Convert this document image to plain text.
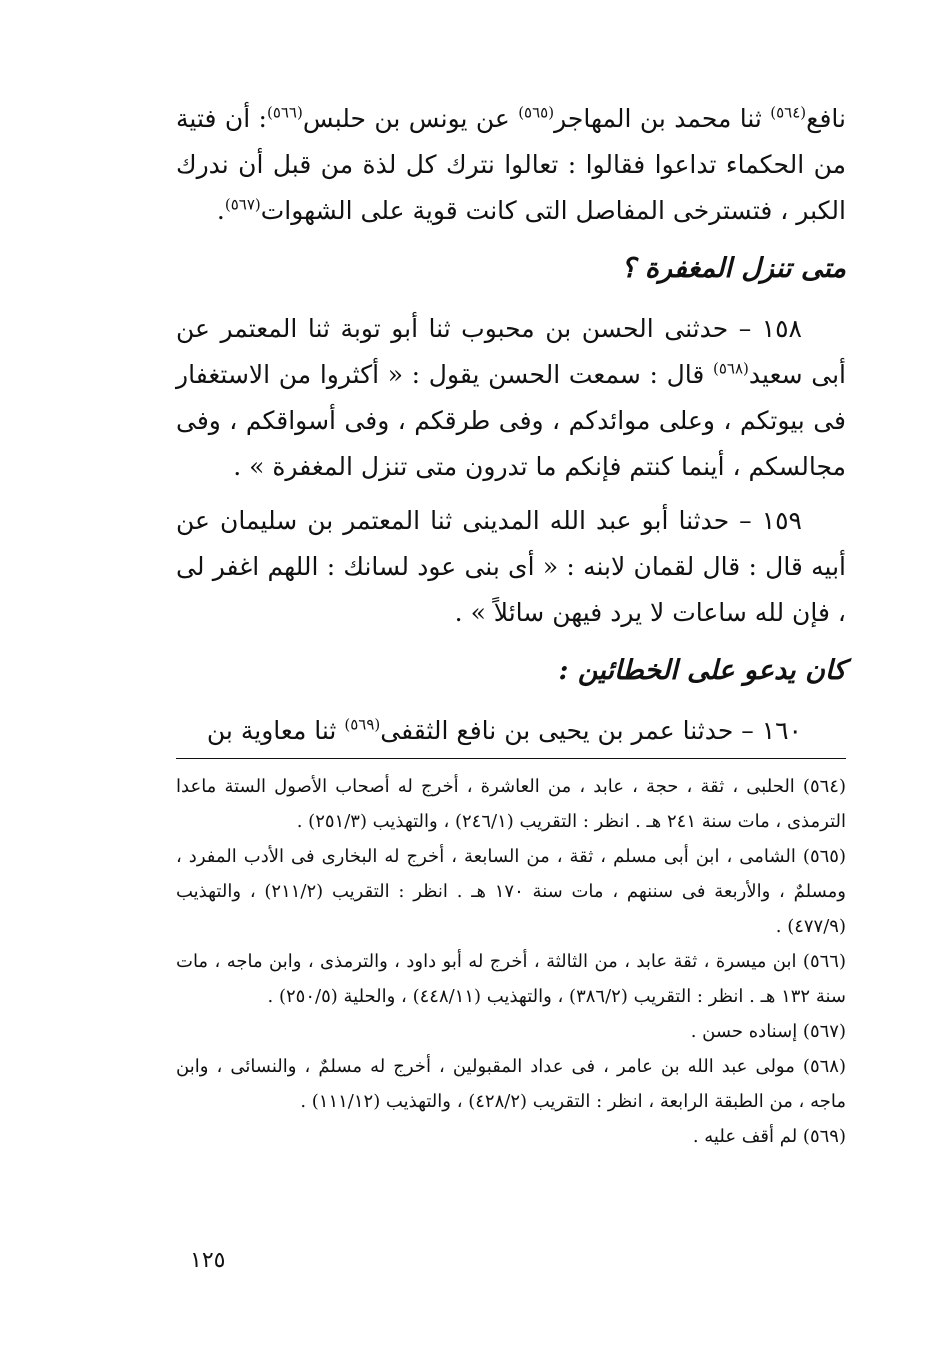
نافع$^{(٥٦٤)}$ ثنا محمد بن المهاجر$^{(٥٦٥)}$ عن يونس بن حلبس$^{(٥٦٦)}$: أن فتية من الحكماء تداعوا فقالوا : تعالوا نترك كل لذة من قبل أن ندرك الكبر ، فتسترخى المفاصل التى كانت قوية على الشهوات$^{(٥٦٧)}$.

متى تنزل المغفرة ؟

١٥٨ – حدثنى الحسن بن محبوب ثنا أبو توبة ثنا المعتمر عن أبى سعيد$^{(٥٦٨)}$ قال : سمعت الحسن يقول : « أكثروا من الاستغفار فى بيوتكم ، وعلى موائدكم ، وفى طرقكم ، وفى أسواقكم ، وفى مجالسكم ، أينما كنتم فإنكم ما تدرون متى تنزل المغفرة » .

١٥٩ – حدثنا أبو عبد الله المدينى ثنا المعتمر بن سليمان عن أبيه قال : قال لقمان لابنه : « أى بنى عود لسانك : اللهم اغفر لى ، فإن لله ساعات لا يرد فيهن سائلاً » .

كان يدعو على الخطائين :

١٦٠ – حدثنا عمر بن يحيى بن نافع الثقفى$^{(٥٦٩)}$ ثنا معاوية بن

(٥٦٤) الحلبى ، ثقة ، حجة ، عابد ، من العاشرة ، أخرج له أصحاب الأصول الستة ماعدا الترمذى ، مات سنة ٢٤١ هـ . انظر : التقريب (٢٤٦/١) ، والتهذيب (٢٥١/٣) .

(٥٦٥) الشامى ، ابن أبى مسلم ، ثقة ، من السابعة ، أخرج له البخارى فى الأدب المفرد ، ومسلمٌ ، والأربعة فى سننهم ، مات سنة ١٧٠ هـ . انظر : التقريب (٢١١/٢) ، والتهذيب (٤٧٧/٩) .

(٥٦٦) ابن ميسرة ، ثقة عابد ، من الثالثة ، أخرج له أبو داود ، والترمذى ، وابن ماجه ، مات سنة ١٣٢ هـ . انظر : التقريب (٣٨٦/٢) ، والتهذيب (٤٤٨/١١) ، والحلية (٢٥٠/٥) .

(٥٦٧) إسناده حسن .

(٥٦٨) مولى عبد الله بن عامر ، فى عداد المقبولين ، أخرج له مسلمٌ ، والنسائى ، وابن ماجه ، من الطبقة الرابعة ، انظر : التقريب (٤٢٨/٢) ، والتهذيب (١١١/١٢) .

(٥٦٩) لم أقف عليه .

١٢٥
